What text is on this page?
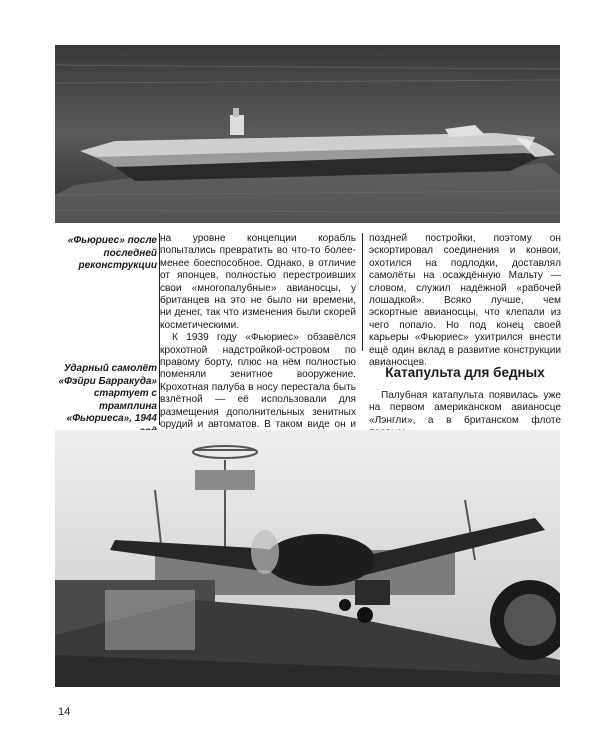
«Фьюриес» после последней реконструкции
Ударный самолёт «Фэйри Барракуда» стартует с трамплина «Фьюриеса», 1944

на уровне концепции корабль попытались превратить во что-то более-менее боеспособное. Однако, в отличие от японцев, полностью перестроивших свои «многопалубные» авианосцы, у британцев на это не было ни времени, ни денег, так что изменения были скорей косметическими.

К 1939 году «Фьюриес» обзавёлся крохотной надстройкой-островом по правому борту, плюс на нём полностью поменяли зенитное вооружение. Крохотная палуба в носу перестала быть взлётной — её использовали для размещения дополнительных зенитных орудий и автоматов. В таком виде он и

поздней постройки, поэтому он эскортировал соединения и конвои, охотился на подлодки, доставлял самолёты на осаждённую Мальту — словом, служил надёжной «рабочей лошадкой». Всяко лучше, чем эскортные авианосцы, что клепали из чего попало. Но под конец своей карьеры «Фьюриес» ухитрился внести ещё один вклад в развитие конструкции авианосцев.

Катапульта для бедных

Палубная катапульта появилась уже на первом американском авианосце «Лэнгли», а в британском флоте

14
